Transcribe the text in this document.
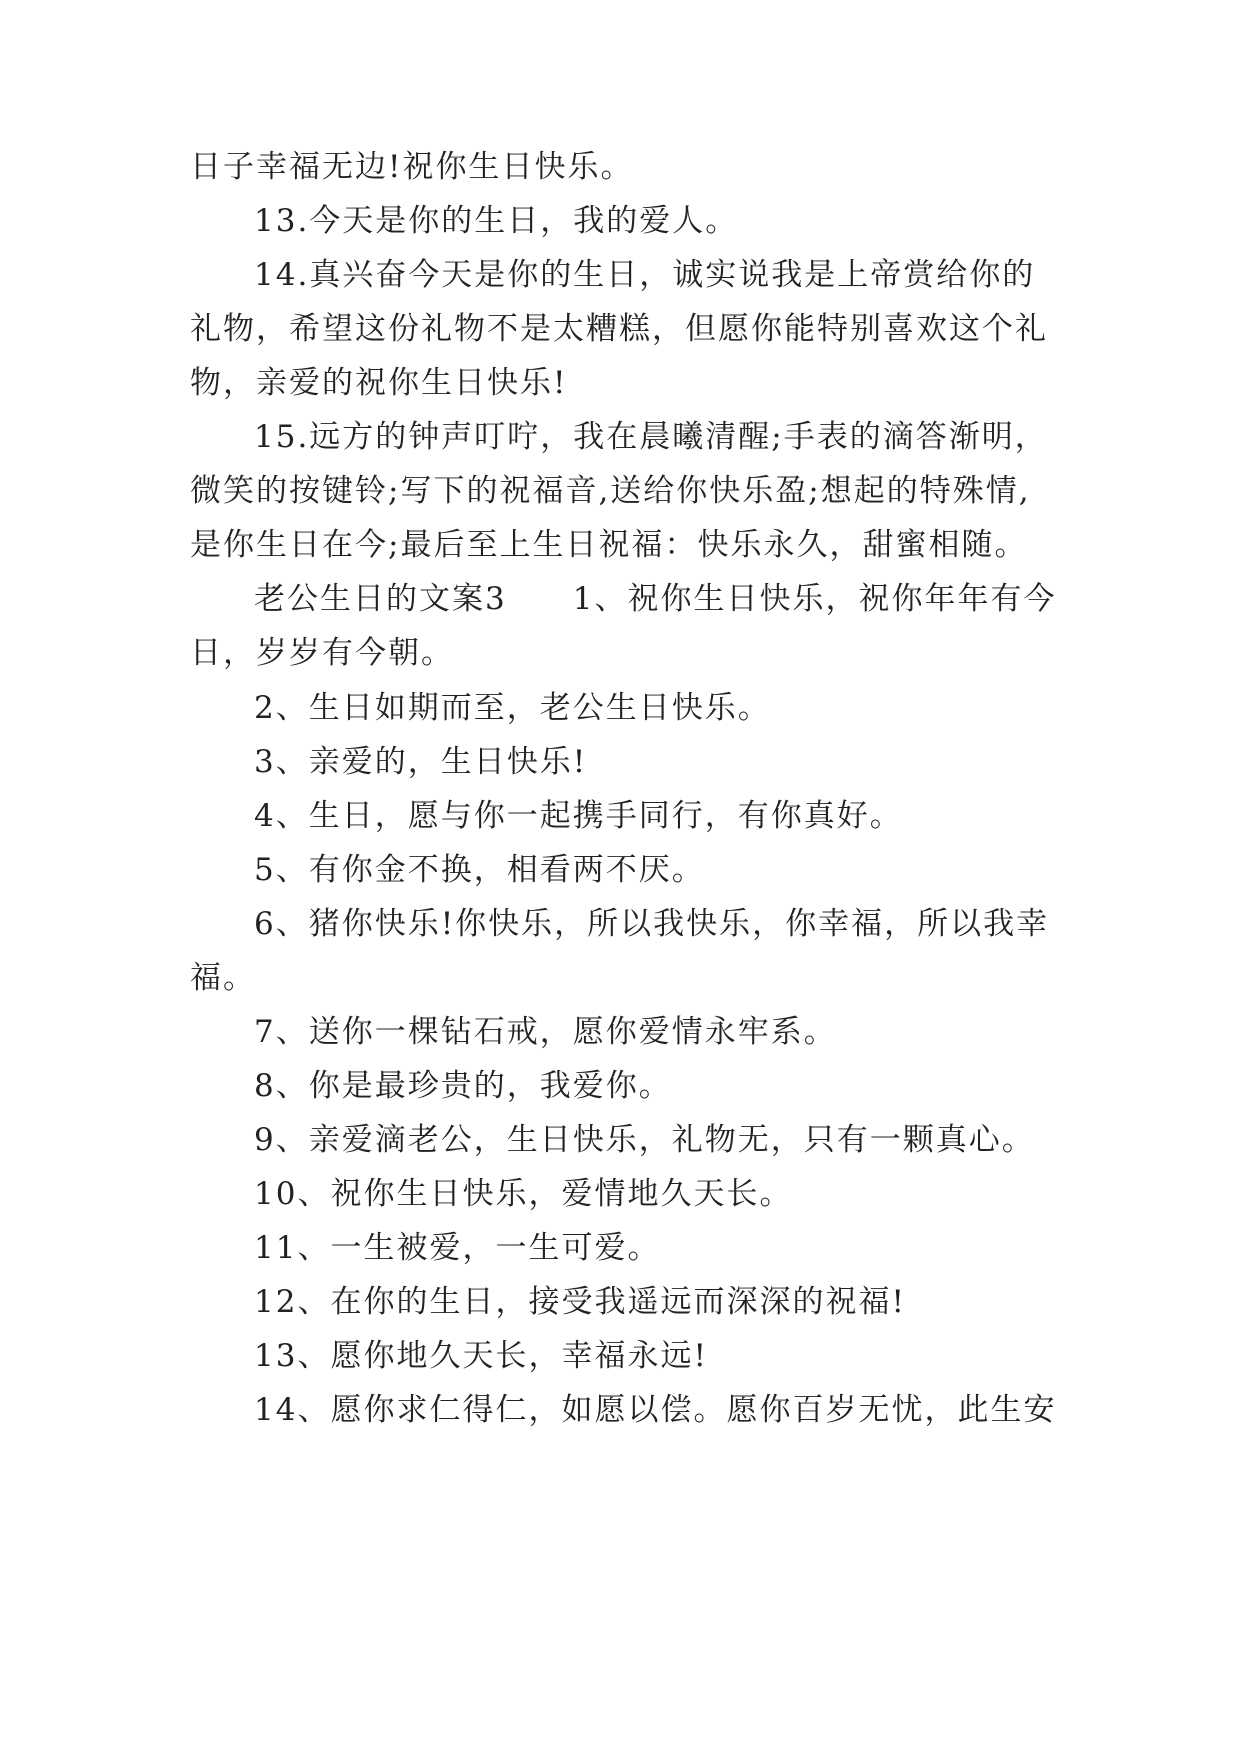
日子幸福无边!祝你生日快乐。
13.今天是你的生日，我的爱人。
14.真兴奋今天是你的生日，诚实说我是上帝赏给你的
礼物，希望这份礼物不是太糟糕，但愿你能特别喜欢这个礼
物，亲爱的祝你生日快乐!
15.远方的钟声叮咛，我在晨曦清醒;手表的滴答渐明，
微笑的按键铃;写下的祝福音,送给你快乐盈;想起的特殊情,
是你生日在今;最后至上生日祝福：快乐永久，甜蜜相随。
老公生日的文案3　　1、祝你生日快乐，祝你年年有今
日，岁岁有今朝。
2、生日如期而至，老公生日快乐。
3、亲爱的，生日快乐!
4、生日，愿与你一起携手同行，有你真好。
5、有你金不换，相看两不厌。
6、猪你快乐!你快乐，所以我快乐，你幸福，所以我幸
福。
7、送你一棵钻石戒，愿你爱情永牢系。
8、你是最珍贵的，我爱你。
9、亲爱滴老公，生日快乐，礼物无，只有一颗真心。
10、祝你生日快乐，爱情地久天长。
11、一生被爱，一生可爱。
12、在你的生日，接受我遥远而深深的祝福!
13、愿你地久天长，幸福永远!
14、愿你求仁得仁，如愿以偿。愿你百岁无忧，此生安
